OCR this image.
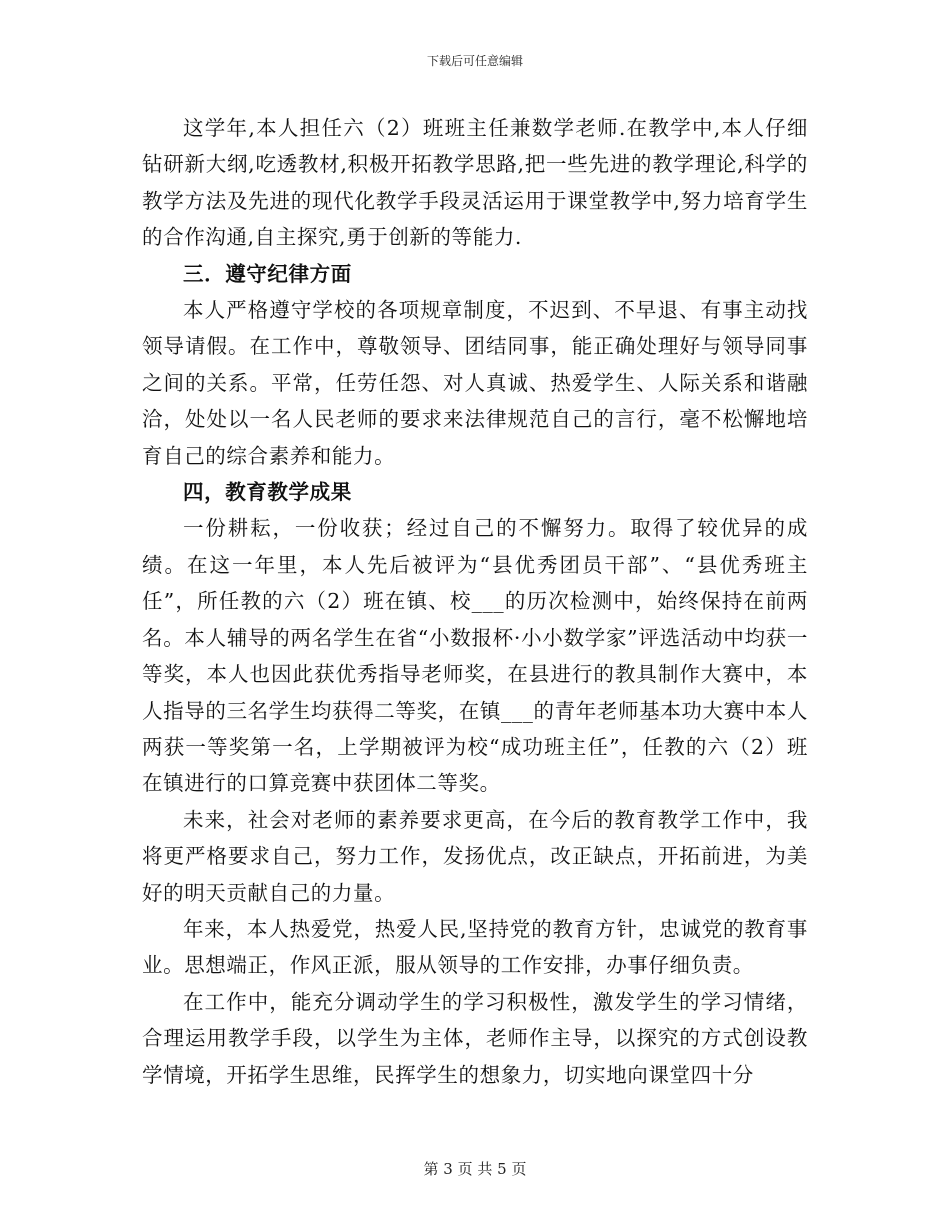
下载后可任意编辑

这学年,本人担任六（2）班班主任兼数学老师.在教学中,本人仔细钻研新大纲,吃透教材,积极开拓教学思路,把一些先进的教学理论,科学的教学方法及先进的现代化教学手段灵活运用于课堂教学中,努力培育学生的合作沟通,自主探究,勇于创新的等能力.

三．遵守纪律方面

本人严格遵守学校的各项规章制度，不迟到、不早退、有事主动找领导请假。在工作中，尊敬领导、团结同事，能正确处理好与领导同事之间的关系。平常，任劳任怨、对人真诚、热爱学生、人际关系和谐融洽，处处以一名人民老师的要求来法律规范自己的言行，毫不松懈地培育自己的综合素养和能力。

四，教育教学成果

一份耕耘，一份收获；经过自己的不懈努力。取得了较优异的成绩。在这一年里，本人先后被评为“县优秀团员干部”、“县优秀班主任”，所任教的六（2）班在镇、校___的历次检测中，始终保持在前两名。本人辅导的两名学生在省“小数报杯·小小数学家”评选活动中均获一等奖，本人也因此获优秀指导老师奖，在县进行的教具制作大赛中，本人指导的三名学生均获得二等奖，在镇___的青年老师基本功大赛中本人两获一等奖第一名，上学期被评为校“成功班主任”，任教的六（2）班在镇进行的口算竞赛中获团体二等奖。

未来，社会对老师的素养要求更高，在今后的教育教学工作中，我将更严格要求自己，努力工作，发扬优点，改正缺点，开拓前进，为美好的明天贡献自己的力量。

年来，本人热爱党，热爱人民,坚持党的教育方针，忠诚党的教育事业。思想端正，作风正派，服从领导的工作安排，办事仔细负责。

在工作中，能充分调动学生的学习积极性，激发学生的学习情绪，合理运用教学手段，以学生为主体，老师作主导，以探究的方式创设教学情境，开拓学生思维，民挥学生的想象力，切实地向课堂四十分

第 3 页 共 5 页
